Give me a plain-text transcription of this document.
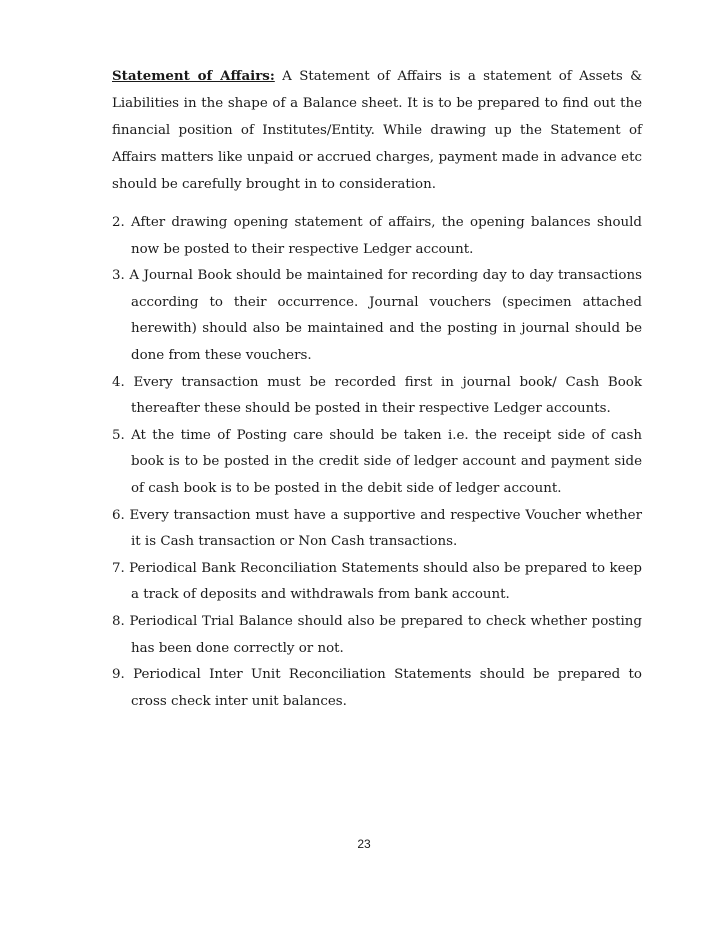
Statement of Affairs: A Statement of Affairs is a statement of Assets & Liabilities in the shape of a Balance sheet. It is to be prepared to find out the financial position of Institutes/Entity. While drawing up the Statement of Affairs matters like unpaid or accrued charges, payment made in advance etc should be carefully brought in to consideration.

2. After drawing opening statement of affairs, the opening balances should now be posted to their respective Ledger account.
3. A Journal Book should be maintained for recording day to day transactions according to their occurrence. Journal vouchers (specimen attached herewith) should also be maintained and the posting in journal should be done from these vouchers.
4. Every transaction must be recorded first in journal book/ Cash Book thereafter these should be posted in their respective Ledger accounts.
5. At the time of Posting care should be taken i.e. the receipt side of cash book is to be posted in the credit side of ledger account and payment side of cash book is to be posted in the debit side of ledger account.
6. Every transaction must have a supportive and respective Voucher whether it is Cash transaction or Non Cash transactions.
7. Periodical Bank Reconciliation Statements should also be prepared to keep a track of deposits and withdrawals from bank account.
8. Periodical Trial Balance should also be prepared to check whether posting has been done correctly or not.
9. Periodical Inter Unit Reconciliation Statements should be prepared to cross check inter unit balances.

23
